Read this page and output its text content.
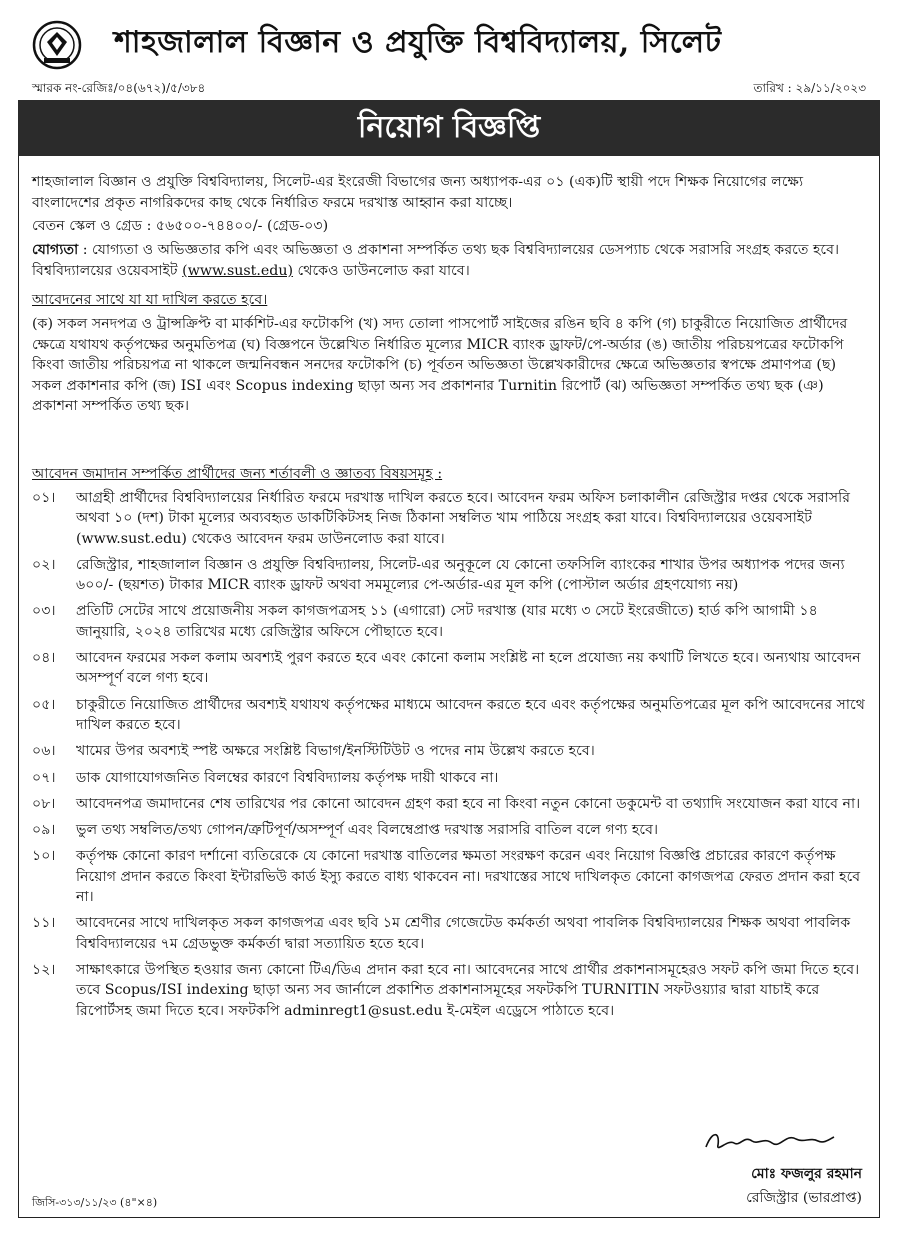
শাহজালাল বিজ্ঞান ও প্রযুক্তি বিশ্ববিদ্যালয়, সিলেট
স্মারক নং-রেজিঃ/০৪(৬৭২)/৫/৩৮৪	তারিখ : ২৯/১১/২০২৩
নিয়োগ বিজ্ঞপ্তি
শাহজালাল বিজ্ঞান ও প্রযুক্তি বিশ্ববিদ্যালয়, সিলেট-এর ইংরেজী বিভাগের জন্য অধ্যাপক-এর ০১ (এক)টি স্থায়ী পদে শিক্ষক নিয়োগের লক্ষ্যে বাংলাদেশের প্রকৃত নাগরিকদের কাছ থেকে নির্ধারিত ফরমে দরখাস্ত আহ্বান করা যাচ্ছে।
বেতন স্কেল ও গ্রেড : ৫৬৫০০-৭৪৪০০/- (গ্রেড-০৩)
যোগ্যতা : যোগ্যতা ও অভিজ্ঞতার কপি এবং অভিজ্ঞতা ও প্রকাশনা সম্পর্কিত তথ্য ছক বিশ্ববিদ্যালয়ের ডেসপ্যাচ থেকে সরাসরি সংগ্রহ করতে হবে। বিশ্ববিদ্যালয়ের ওয়েবসাইট (www.sust.edu) থেকেও ডাউনলোড করা যাবে।
আবেদনের সাথে যা যা দাখিল করতে হবে।
(ক) সকল সনদপত্র ও ট্রান্সক্রিপ্ট বা মার্কশিট-এর ফটোকপি (খ) সদ্য তোলা পাসপোর্ট সাইজের রঙিন ছবি ৪ কপি (গ) চাকুরীতে নিয়োজিত প্রার্থীদের ক্ষেত্রে যথাযথ কর্তৃপক্ষের অনুমতিপত্র (ঘ) বিজ্ঞপনে উল্লেখিত নির্ধারিত মূল্যের MICR ব্যাংক ড্রাফট/পে-অর্ডার (ঙ) জাতীয় পরিচয়পত্রের ফটোকপি কিংবা জাতীয় পরিচয়পত্র না থাকলে জন্মনিবন্ধন সনদের ফটোকপি (চ) পূর্বতন অভিজ্ঞতা উল্লেখকারীদের ক্ষেত্রে অভিজ্ঞতার স্বপক্ষে প্রমাণপত্র (ছ) সকল প্রকাশনার কপি (জ) ISI এবং Scopus indexing ছাড়া অন্য সব প্রকাশনার Turnitin রিপোর্ট (ঝ) অভিজ্ঞতা সম্পর্কিত তথ্য ছক (ঞ) প্রকাশনা সম্পর্কিত তথ্য ছক।
আবেদন জমাদান সম্পর্কিত প্রার্থীদের জন্য শর্তাবলী ও জ্ঞাতব্য বিষয়সমূহ :
০১।	আগ্রহী প্রার্থীদের বিশ্ববিদ্যালয়ের নির্ধারিত ফরমে দরখাস্ত দাখিল করতে হবে। আবেদন ফরম অফিস চলাকালীন রেজিস্ট্রার দপ্তর থেকে সরাসরি অথবা ১০ (দশ) টাকা মূল্যের অব্যবহৃত ডাকটিকিটসহ নিজ ঠিকানা সম্বলিত খাম পাঠিয়ে সংগ্রহ করা যাবে। বিশ্ববিদ্যালয়ের ওয়েবসাইট (www.sust.edu) থেকেও আবেদন ফরম ডাউনলোড করা যাবে।
০২।	রেজিস্ট্রার, শাহজালাল বিজ্ঞান ও প্রযুক্তি বিশ্ববিদ্যালয়, সিলেট-এর অনুকূলে যে কোনো তফসিলি ব্যাংকের শাখার উপর অধ্যাপক পদের জন্য ৬০০/- (ছয়শত) টাকার MICR ব্যাংক ড্রাফট অথবা সমমূল্যের পে-অর্ডার-এর মূল কপি (পোস্টাল অর্ডার গ্রহণযোগ্য নয়)
০৩।	প্রতিটি সেটের সাথে প্রয়োজনীয় সকল কাগজপত্রসহ ১১ (এগারো) সেট দরখাস্ত (যার মধ্যে ৩ সেটে ইংরেজীতে) হার্ড কপি আগামী ১৪ জানুয়ারি, ২০২৪ তারিখের মধ্যে রেজিস্ট্রার অফিসে পৌছাতে হবে।
০৪।	আবেদন ফরমের সকল কলাম অবশ্যই পুরণ করতে হবে এবং কোনো কলাম সংশ্লিষ্ট না হলে প্রযোজ্য নয় কথাটি লিখতে হবে। অন্যথায় আবেদন অসম্পূর্ণ বলে গণ্য হবে।
০৫।	চাকুরীতে নিয়োজিত প্রার্থীদের অবশ্যই যথাযথ কর্তৃপক্ষের মাধ্যমে আবেদন করতে হবে এবং কর্তৃপক্ষের অনুমতিপত্রের মূল কপি আবেদনের সাথে দাখিল করতে হবে।
০৬।	খামের উপর অবশ্যই স্পষ্ট অক্ষরে সংশ্লিষ্ট বিভাগ/ইনস্টিটিউট ও পদের নাম উল্লেখ করতে হবে।
০৭।	ডাক যোগাযোগজনিত বিলম্বের কারণে বিশ্ববিদ্যালয় কর্তৃপক্ষ দায়ী থাকবে না।
০৮।	আবেদনপত্র জমাদানের শেষ তারিখের পর কোনো আবেদন গ্রহণ করা হবে না কিংবা নতুন কোনো ডকুমেন্ট বা তথ্যাদি সংযোজন করা যাবে না।
০৯।	ভুল তথ্য সম্বলিত/তথ্য গোপন/ত্রুটিপূর্ণ/অসম্পূর্ণ এবং বিলম্বেপ্রাপ্ত দরখাস্ত সরাসরি বাতিল বলে গণ্য হবে।
১০।	কর্তৃপক্ষ কোনো কারণ দর্শানো ব্যতিরেকে যে কোনো দরখাস্ত বাতিলের ক্ষমতা সংরক্ষণ করেন এবং নিয়োগ বিজ্ঞপ্তি প্রচারের কারণে কর্তৃপক্ষ নিয়োগ প্রদান করতে কিংবা ইন্টারভিউ কার্ড ইস্যু করতে বাধ্য থাকবেন না। দরখাস্তের সাথে দাখিলকৃত কোনো কাগজপত্র ফেরত প্রদান করা হবে না।
১১।	আবেদনের সাথে দাখিলকৃত সকল কাগজপত্র এবং ছবি ১ম শ্রেণীর গেজেটেড কর্মকর্তা অথবা পাবলিক বিশ্ববিদ্যালয়ের শিক্ষক অথবা পাবলিক বিশ্ববিদ্যালয়ের ৭ম গ্রেডভুক্ত কর্মকর্তা দ্বারা সত্যায়িত হতে হবে।
১২।	সাক্ষাৎকারে উপস্থিত হওয়ার জন্য কোনো টিএ/ডিএ প্রদান করা হবে না। আবেদনের সাথে প্রার্থীর প্রকাশনাসমূহেরও সফট কপি জমা দিতে হবে। তবে Scopus/ISI indexing ছাড়া অন্য সব জার্নালে প্রকাশিত প্রকাশনাসমূহের সফটকপি TURNITIN সফটওয়্যার দ্বারা যাচাই করে রিপোর্টসহ জমা দিতে হবে। সফটকপি adminregt1@sust.edu ই-মেইল এড্রেসে পাঠাতে হবে।
মোঃ ফজলুর রহমান
রেজিস্ট্রার (ভারপ্রাপ্ত)
জিসি-৩১৩/১১/২৩ (৪"×৪)
